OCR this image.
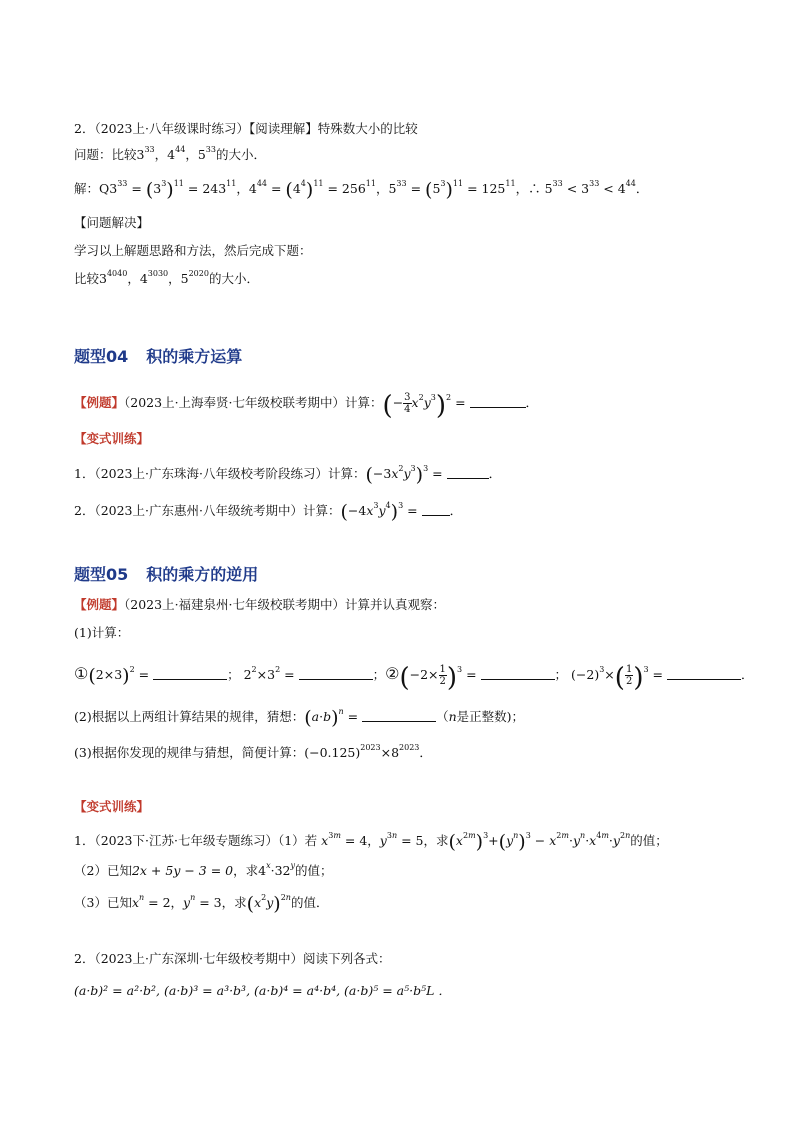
2．（2023上·八年级课时练习）【阅读理解】特殊数大小的比较
问题：比较$3^{33}$，$4^{44}$，$5^{33}$的大小．
解：$Q3^{33} = (3^3)^{11} = 243^{11}$，$4^{44} = (4^4)^{11} = 256^{11}$，$5^{33} = (5^3)^{11} = 125^{11}$，∴ $5^{33} < 3^{33} < 4^{44}$．
【问题解决】
学习以上解题思路和方法，然后完成下题：
比较$3^{4040}$，$4^{3030}$，$5^{2020}$的大小．
题型04 积的乘方运算
【例题】（2023上·上海奉贤·七年级校联考期中）计算：(− $\frac{3}{4} x^2y^3)^2$ =	．
【变式训练】
1．（2023上·广东珠海·八年级校考阶段练习）计算：$(-3x^2y^3)^3$ =	．
2．（2023上·广东惠州·八年级统考期中）计算：$(-4x^3y^4)^3$ = ．
题型05 积的乘方的逆用
【例题】（2023上·福建泉州·七年级校联考期中）计算并认真观察：
(1)计算：
$①(2\times 3)^2$ =	； $2^2\times 3^2$ =	；②(−2× $\frac{1}{2} )^3$ =	； $(-2)^3\times( \frac{1}{2} )^3$ =	．
(2)根据以上两组计算结果的规律，猜想：$(a\cdot b)^n$ =	（n是正整数)；
(3)根据你发现的规律与猜想，简便计算：$(-0.125)^{2023}\times 8^{2023}$．
【变式训练】
1．（2023下·江苏·七年级专题练习）（1）若 $x^{3m} = 4$，$y^{3n} = 5$，求$(x^{2m})^3+(y^n)^3 - x^{2m}\cdot y^n\cdot x^{4m}\cdot y^{2n}$的值；
（2）已知2x + 5y − 3 = 0，求$4^x\cdot 32^y$的值；
（3）已知$x^n = 2$，$y^n = 3$，求$(x^2y)^{2n}$的值．
2．（2023上·广东深圳·七年级校考期中）阅读下列各式：
(a·b)² = a²·b², (a·b)³ = a³·b³, (a·b)⁴ = a⁴·b⁴, (a·b)⁵ = a⁵·b⁵L ．
